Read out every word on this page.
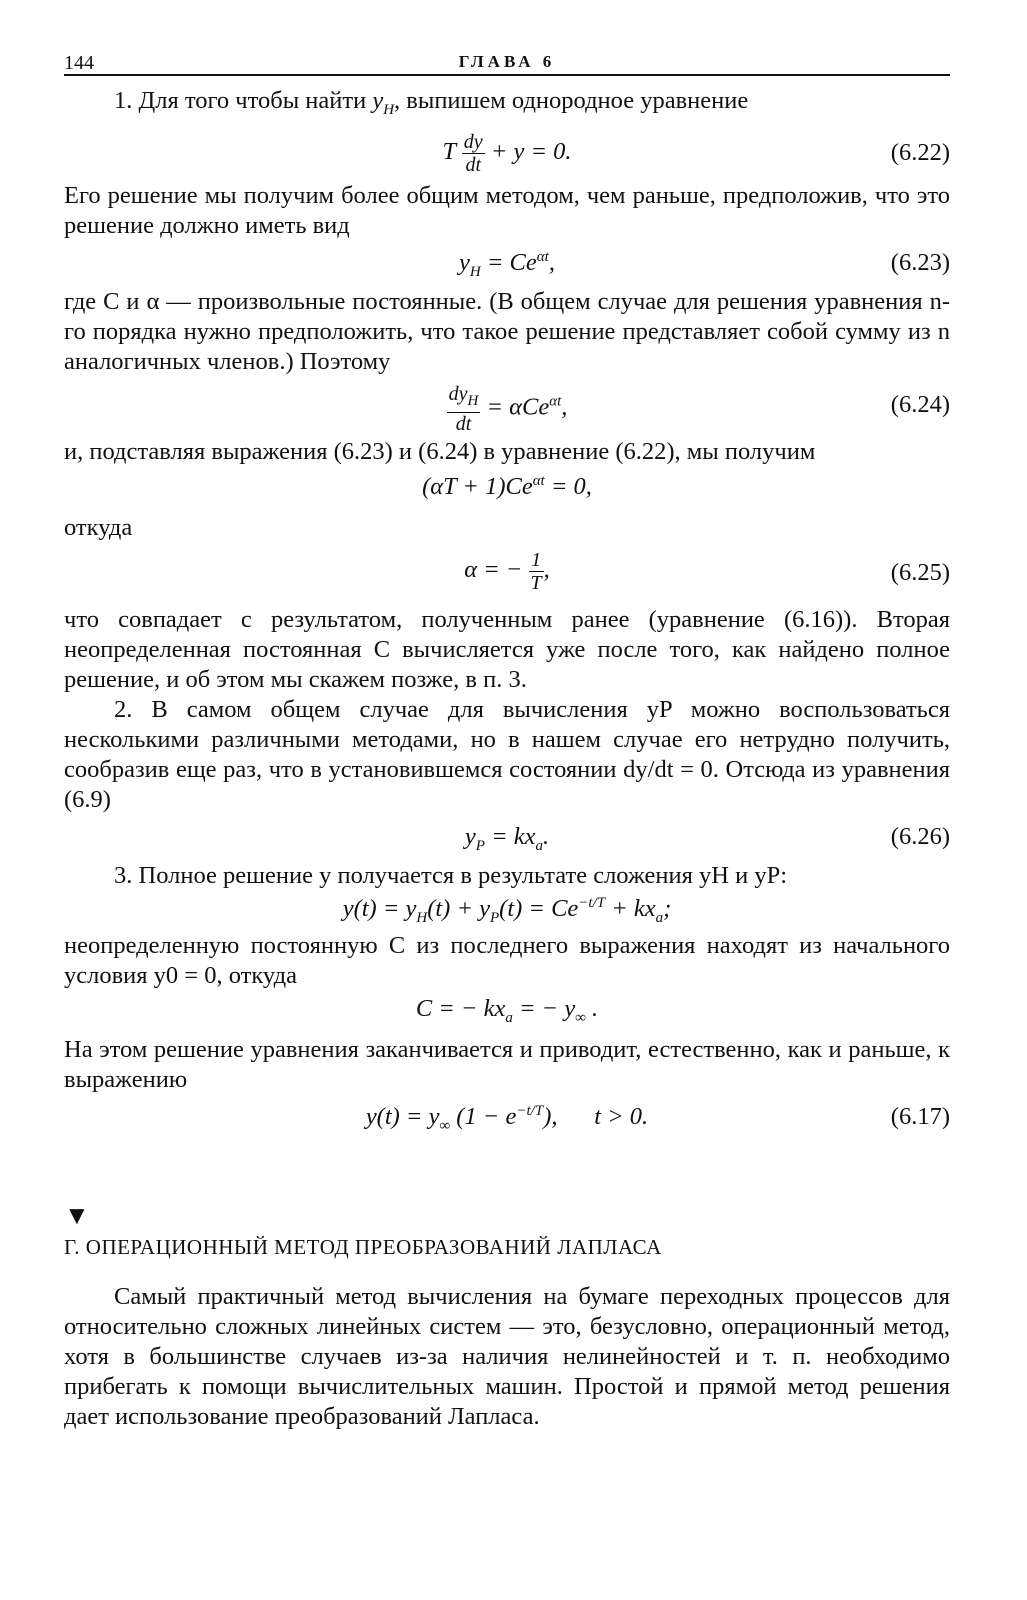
144	ГЛАВА 6

1. Для того чтобы найти $y_H$, выпишем однородное уравнение

T $\frac{dy}{dt} + y = 0$.	(6.22)

Его решение мы получим более общим методом, чем раньше, предположив, что это решение должно иметь вид

$y_H = Ce^{\alpha t}$,	(6.23)

где C и α — произвольные постоянные. (В общем случае для решения уравнения n-го порядка нужно предположить, что такое решение представляет собой сумму из n аналогичных членов.) Поэтому

$\frac{dy_H}{dt} = \alpha Ce^{\alpha t}$,	(6.24)

и, подставляя выражения (6.23) и (6.24) в уравнение (6.22), мы получим

$(\alpha T + 1)Ce^{\alpha t} = 0$,

откуда

α = − $\frac{1}{T}$ ,	(6.25)

что совпадает с результатом, полученным ранее (уравнение (6.16)). Вторая неопределенная постоянная C вычисляется уже после того, как найдено полное решение, и об этом мы скажем позже, в п. 3.

2. В самом общем случае для вычисления yP можно воспользоваться несколькими различными методами, но в нашем случае его нетрудно получить, сообразив еще раз, что в установившемся состоянии dy/dt = 0. Отсюда из уравнения (6.9)

$y_P = kx_a$.	(6.26)

3. Полное решение y получается в результате сложения yH и yP:

$y(t) = y_H(t) + y_P(t) = Ce^{-t/T} + kx_a$;

неопределенную постоянную C из последнего выражения находят из начального условия y0 = 0, откуда

C = − $kx_a$ = − $y_\infty$ .

На этом решение уравнения заканчивается и приводит, естественно, как и раньше, к выражению

$y(t) = y_\infty$ $(1 - e^{-t/T})$,      t > 0.	(6.17)
▼
Г. ОПЕРАЦИОННЫЙ МЕТОД ПРЕОБРАЗОВАНИЙ ЛАПЛАСА

Самый практичный метод вычисления на бумаге переходных процессов для относительно сложных линейных систем — это, безусловно, операционный метод, хотя в большинстве случаев из-за наличия нелинейностей и т. п. необходимо прибегать к помощи вычислительных машин. Простой и прямой метод решения дает использование преобразований Лапласа.
